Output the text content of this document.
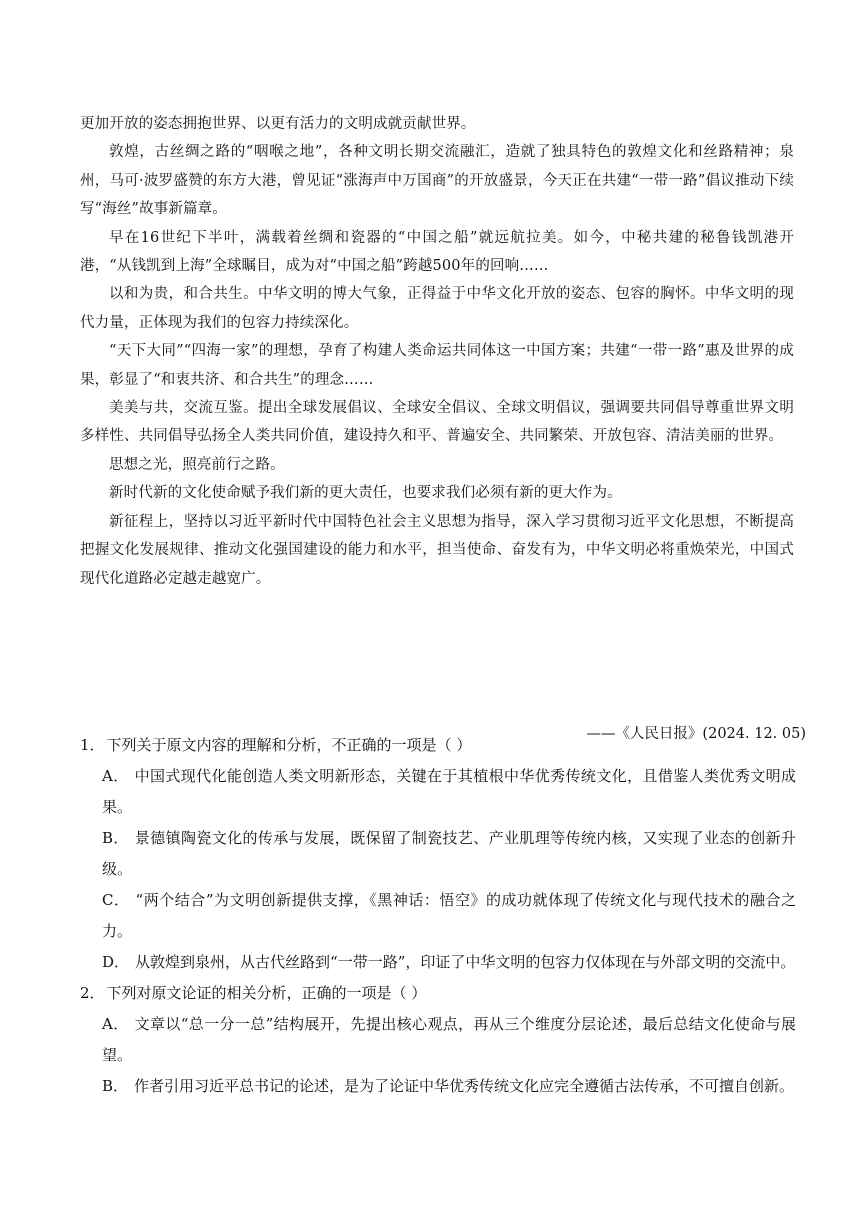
更加开放的姿态拥抱世界、以更有活力的文明成就贡献世界。

敦煌，古丝绸之路的“咽喉之地”，各种文明长期交流融汇，造就了独具特色的敦煌文化和丝路精神；泉州，马可·波罗盛赞的东方大港，曾见证“涨海声中万国商”的开放盛景，今天正在共建“一带一路”倡议推动下续写“海丝”故事新篇章。

早在16世纪下半叶，满载着丝绸和瓷器的“中国之船”就远航拉美。如今，中秘共建的秘鲁钱凯港开港，“从钱凯到上海”全球瞩目，成为对“中国之船”跨越500年的回响……

以和为贵，和合共生。中华文明的博大气象，正得益于中华文化开放的姿态、包容的胸怀。中华文明的现代力量，正体现为我们的包容力持续深化。

“天下大同”“四海一家”的理想，孕育了构建人类命运共同体这一中国方案；共建“一带一路”惠及世界的成果，彰显了“和衷共济、和合共生”的理念……

美美与共，交流互鉴。提出全球发展倡议、全球安全倡议、全球文明倡议，强调要共同倡导尊重世界文明多样性、共同倡导弘扬全人类共同价值，建设持久和平、普遍安全、共同繁荣、开放包容、清洁美丽的世界。

思想之光，照亮前行之路。

新时代新的文化使命赋予我们新的更大责任，也要求我们必须有新的更大作为。

新征程上，坚持以习近平新时代中国特色社会主义思想为指导，深入学习贯彻习近平文化思想，不断提高把握文化发展规律、推动文化强国建设的能力和水平，担当使命、奋发有为，中华文明必将重焕荣光，中国式现代化道路必定越走越宽广。

——《人民日报》(2024. 12. 05)

1． 下列关于原文内容的理解和分析，不正确的一项是（ ）

A． 中国式现代化能创造人类文明新形态，关键在于其植根中华优秀传统文化，且借鉴人类优秀文明成果。

B． 景德镇陶瓷文化的传承与发展，既保留了制瓷技艺、产业肌理等传统内核，又实现了业态的创新升级。

C． “两个结合”为文明创新提供支撑，《黑神话：悟空》的成功就体现了传统文化与现代技术的融合之力。

D． 从敦煌到泉州，从古代丝路到“一带一路”，印证了中华文明的包容力仅体现在与外部文明的交流中。

2． 下列对原文论证的相关分析，正确的一项是（ ）

A． 文章以“总一分一总”结构展开，先提出核心观点，再从三个维度分层论述，最后总结文化使命与展望。

B． 作者引用习近平总书记的论述，是为了论证中华优秀传统文化应完全遵循古法传承，不可擅自创新。
